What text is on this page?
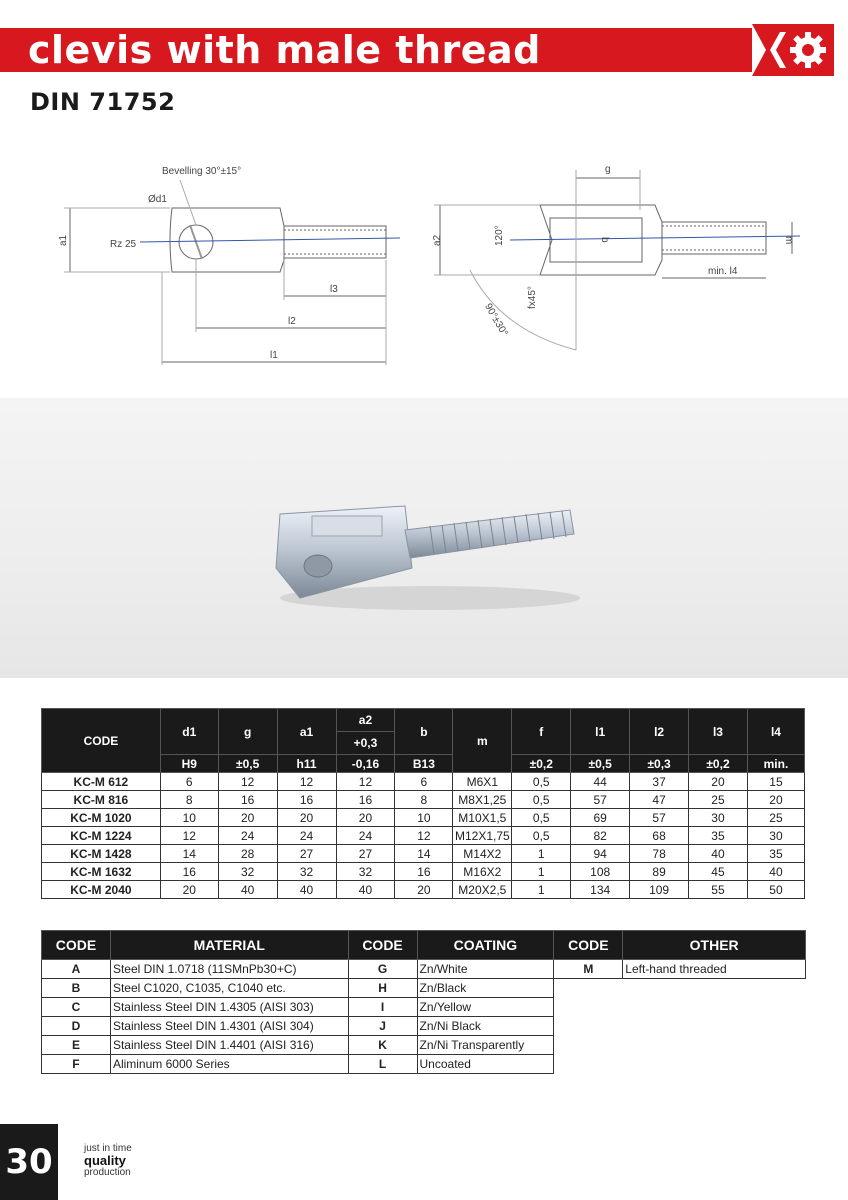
clevis with male thread
DIN 71752
Bevelling 30°±15°
Ød1
Rz 25
a1
l3
l2
l1
g
b	m
min. l4
a2	120°
fx45°
90°±30°
CODE	d1	g	a1	a2	b	m	f	l1	l2	l3	l4
				+0,3							
	H9	±0,5	h11	-0,16	B13		±0,2	±0,5	±0,3	±0,2	min.
KC-M 612	6	12	12	12	6	M6X1	0,5	44	37	20	15
KC-M 816	8	16	16	16	8	M8X1,25	0,5	57	47	25	20
KC-M 1020	10	20	20	20	10	M10X1,5	0,5	69	57	30	25
KC-M 1224	12	24	24	24	12	M12X1,75	0,5	82	68	35	30
KC-M 1428	14	28	27	27	14	M14X2	1	94	78	40	35
KC-M 1632	16	32	32	32	16	M16X2	1	108	89	45	40
KC-M 2040	20	40	40	40	20	M20X2,5	1	134	109	55	50
CODE	MATERIAL	CODE	COATING	CODE	OTHER
A	Steel DIN 1.0718 (11SMnPb30+C)	G	Zn/White	M	Left-hand threaded
B	Steel C1020, C1035, C1040 etc.	H	Zn/Black		
C	Stainless Steel DIN 1.4305 (AISI 303)	I	Zn/Yellow		
D	Stainless Steel DIN 1.4301 (AISI 304)	J	Zn/Ni Black		
E	Stainless Steel DIN 1.4401 (AISI 316)	K	Zn/Ni Transparently		
F	Aliminum 6000 Series	L	Uncoated		
30	just in time
quality
production
